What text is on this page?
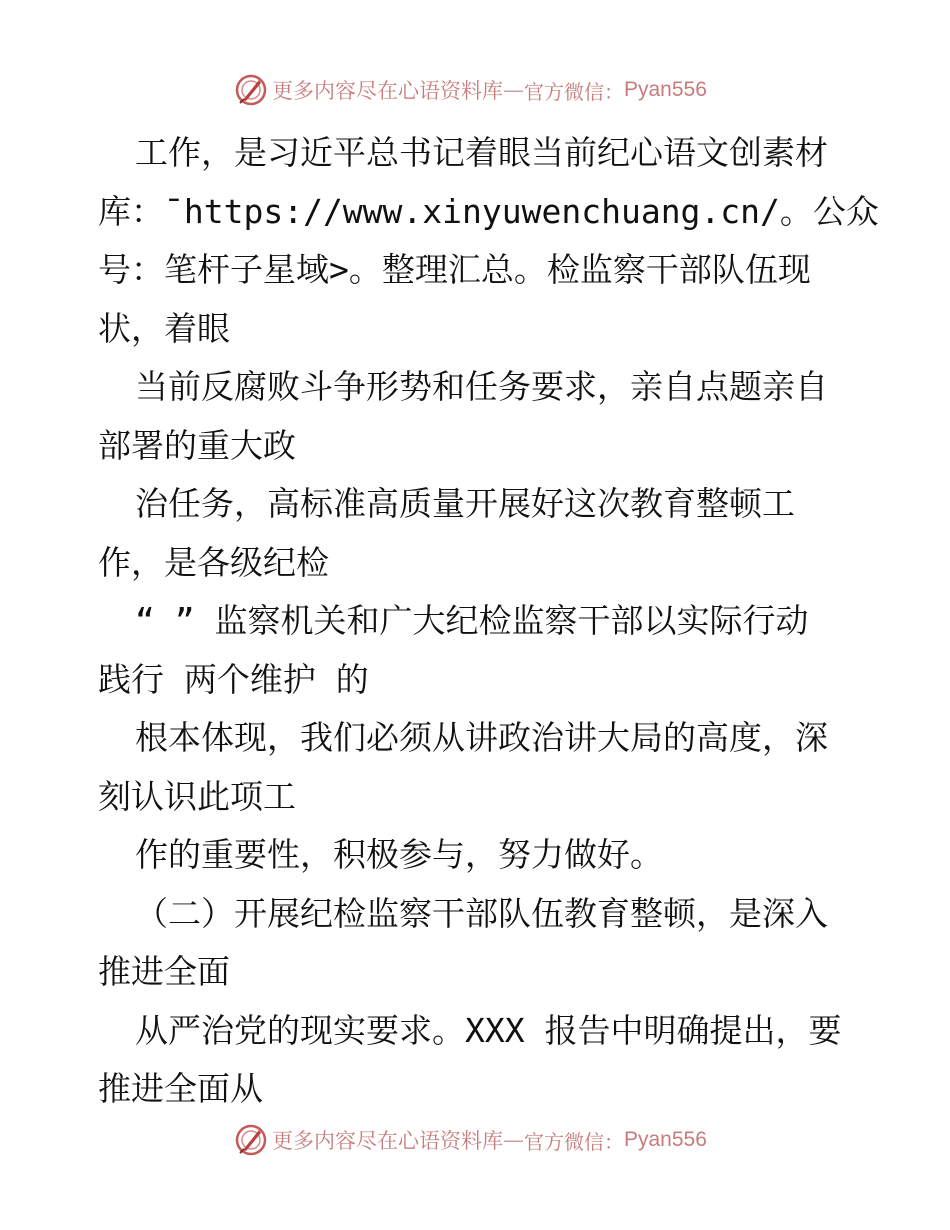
更多内容尽在心语资料库 — 官方微信： Pyan556
工作，是习近平总书记着眼当前纪心语文创素材
库：¯https://www.xinyuwenchuang.cn/。公众
号：笔杆子星域>。整理汇总。检监察干部队伍现
状，着眼
当前反腐败斗争形势和任务要求，亲自点题亲自
部署的重大政
治任务，高标准高质量开展好这次教育整顿工
作，是各级纪检
“ ” 监察机关和广大纪检监察干部以实际行动
践行 两个维护 的
根本体现，我们必须从讲政治讲大局的高度，深
刻认识此项工
作的重要性，积极参与，努力做好。
（二）开展纪检监察干部队伍教育整顿，是深入
推进全面
从严治党的现实要求。XXX 报告中明确提出，要
推进全面从
更多内容尽在心语资料库 — 官方微信： Pyan556
